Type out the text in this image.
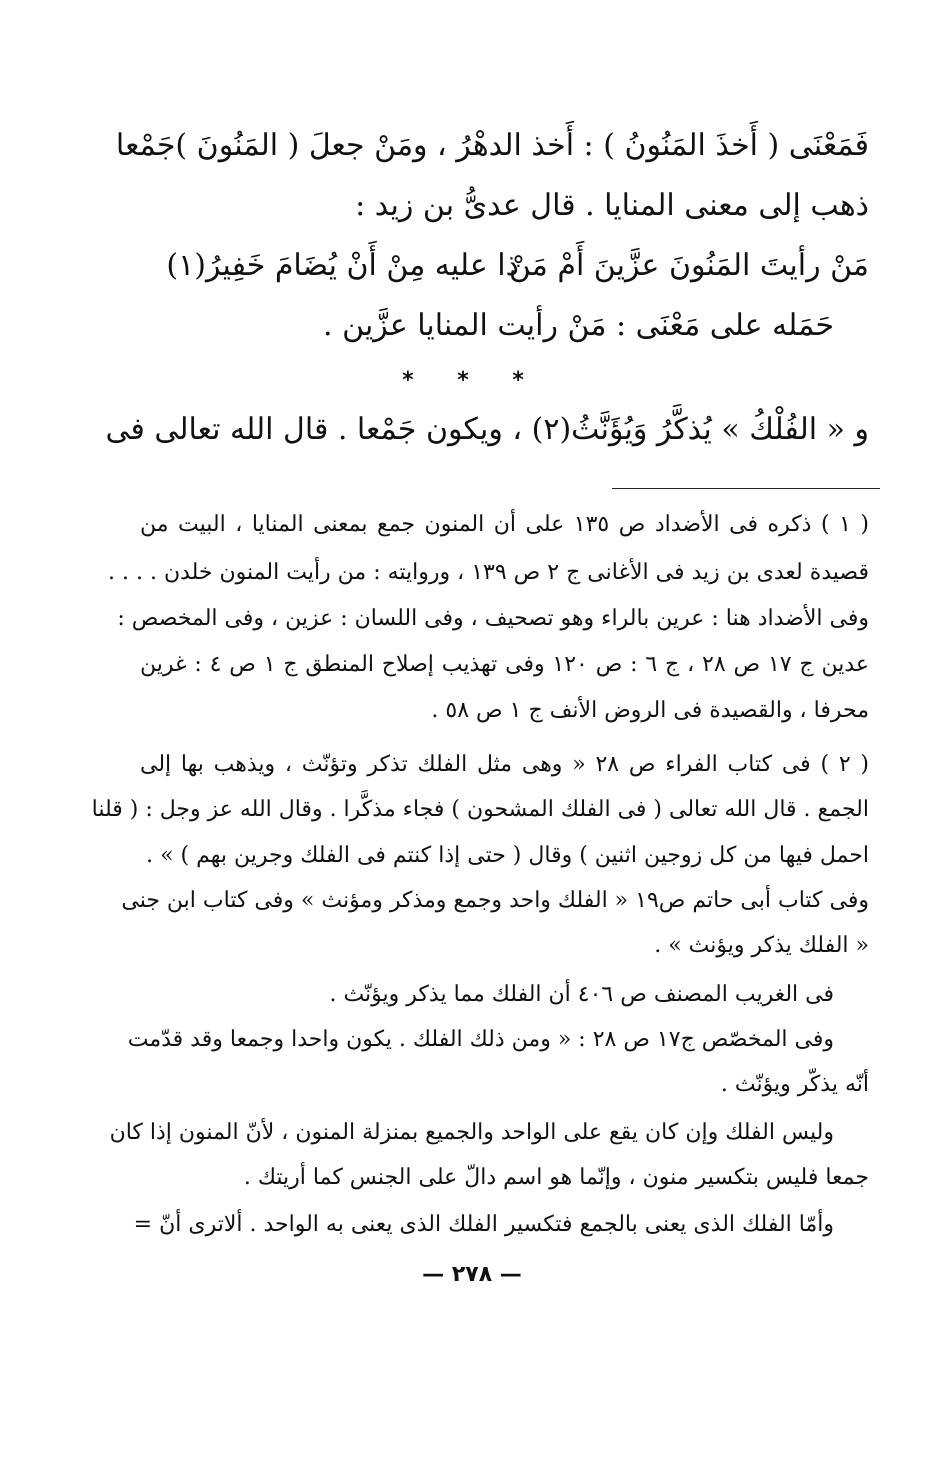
فَمَعْنَى ( أَخذَ المَنُونُ ) : أَخذ الدهْرُ ، ومَنْ جعلَ ( المَنُونَ )جَمْعا
ذهب إلى معنى المنايا . قال عدىُّ بن زيد :
مَنْ رأيتَ المَنُونَ عزَّينَ أَمْ مَنْ
ذا عليه مِنْ أَنْ يُضَامَ خَفِيرُ(١)
حَمَله على مَعْنَى : مَنْ رأيت المنايا عزَّين .
* * *
و « الفُلْكُ » يُذكَّرُ وَيُؤَنَّثُ(٢) ، ويكون جَمْعا . قال الله تعالى فى
( ١ ) ذكره فى الأضداد ص ١٣٥ على أن المنون جمع بمعنى المنايا ، البيت من
قصيدة لعدى بن زيد فى الأغانى ج ٢ ص ١٣٩ ، وروايته : من رأيت المنون خلدن . . . .
وفى الأضداد هنا : عرين بالراء وهو تصحيف ، وفى اللسان : عزين ، وفى المخصص :
عدين ج ١٧ ص ٢٨ ، ج ٦ : ص ١٢٠ وفى تهذيب إصلاح المنطق ج ١ ص ٤ : غرين
محرفا ، والقصيدة فى الروض الأنف ج ١ ص ٥٨ .
( ٢ ) فى كتاب الفراء ص ٢٨ « وهى مثل الفلك تذكر وتؤنّث ، ويذهب بها إلى
الجمع . قال الله تعالى ( فى الفلك المشحون ) فجاء مذكَّرا . وقال الله عز وجل : ( قلنا
احمل فيها من كل زوجين اثنين ) وقال ( حتى إذا كنتم فى الفلك وجرين بهم ) » .
وفى كتاب أبى حاتم ص١٩ « الفلك واحد وجمع ومذكر ومؤنث » وفى كتاب ابن جنى
« الفلك يذكر ويؤنث » .
فى الغريب المصنف ص ٤٠٦ أن الفلك مما يذكر ويؤنّث .
وفى المخصّص ج١٧ ص ٢٨ : « ومن ذلك الفلك . يكون واحدا وجمعا وقد قدّمت
أنّه يذكّر ويؤنّث .
وليس الفلك وإن كان يقع على الواحد والجميع بمنزلة المنون ، لأنّ المنون إذا كان
جمعا فليس بتكسير منون ، وإنّما هو اسم دالّ على الجنس كما أريتك .
وأمّا الفلك الذى يعنى بالجمع فتكسير الفلك الذى يعنى به الواحد . ألاترى أنّ =
— ٢٧٨ —
